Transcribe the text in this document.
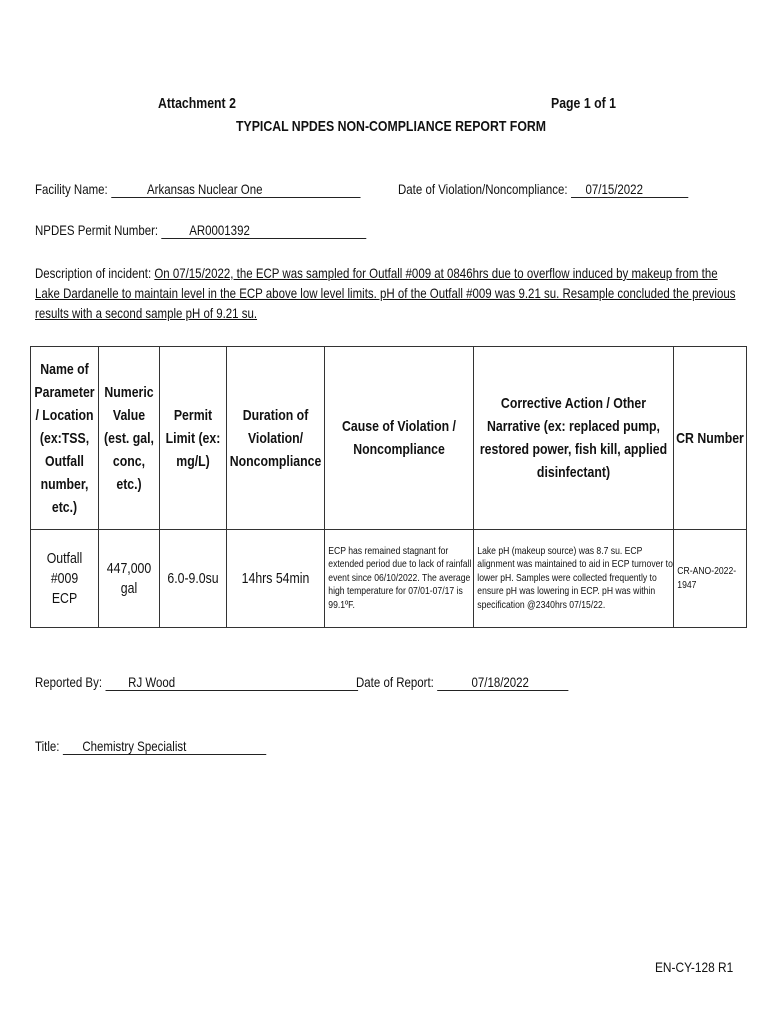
Attachment 2	Page 1 of 1
TYPICAL NPDES NON-COMPLIANCE REPORT FORM
Facility Name:	Arkansas Nuclear One	Date of Violation/Noncompliance: 07/15/2022
NPDES Permit Number: AR0001392
Description of incident: On 07/15/2022, the ECP was sampled for Outfall #009 at 0846hrs due to overflow induced by makeup from the Lake Dardanelle to maintain level in the ECP above low level limits. pH of the Outfall #009 was 9.21 su. Resample concluded the previous results with a second sample pH of 9.21 su.
Name of Parameter / Location (ex:TSS, Outfall number, etc.)	Numeric Value (est. gal, conc, etc.)	Permit Limit (ex: mg/L)	Duration of Violation/ Noncompliance	Cause of Violation / Noncompliance	Corrective Action / Other Narrative (ex: replaced pump, restored power, fish kill, applied disinfectant)	CR Number

Outfall #009 ECP	447,000 gal	6.0-9.0su	14hrs 54min	ECP has remained stagnant for extended period due to lack of rainfall event since 06/10/2022. The average high temperature for 07/01-07/17 is 99.1ºF.	Lake pH (makeup source) was 8.7 su. ECP alignment was maintained to aid in ECP turnover to lower pH. Samples were collected frequently to ensure pH was lowering in ECP. pH was within specification @2340hrs 07/15/22.	CR-ANO-2022-1947
Reported By: RJ Wood	Date of Report:	07/18/2022
Title: Chemistry Specialist
EN-CY-128 R1
